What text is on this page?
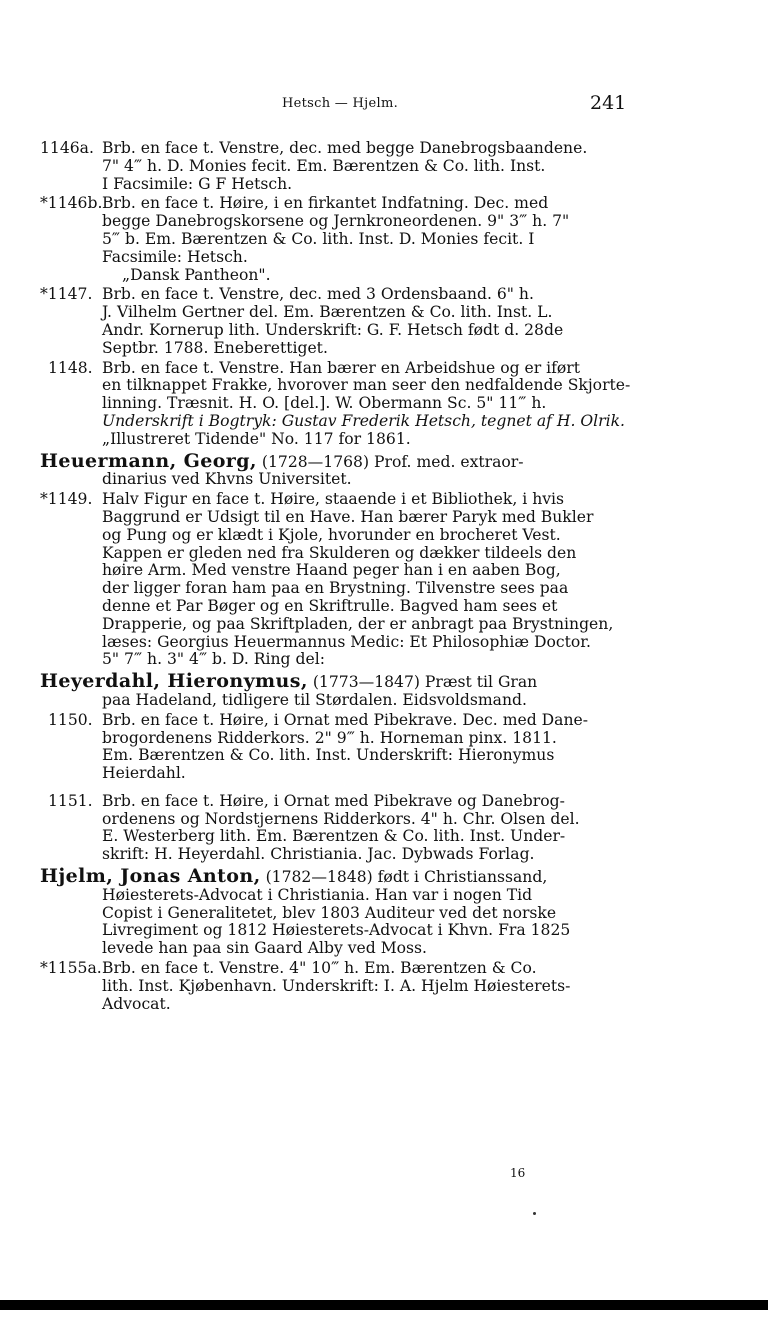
Hetsch — Hjelm.	241
1146a. Brb. en face t. Venstre, dec. med begge Danebrogsbaandene.
7" 4‴ h. D. Monies fecit. Em. Bærentzen & Co. lith. Inst.
I Facsimile: G F Hetsch.
*1146b. Brb. en face t. Høire, i en firkantet Indfatning. Dec. med
begge Danebrogskorsene og Jernkroneordenen. 9" 3‴ h. 7"
5‴ b. Em. Bærentzen & Co. lith. Inst. D. Monies fecit. I
Facsimile: Hetsch.
„Dansk Pantheon".
*1147. Brb. en face t. Venstre, dec. med 3 Ordensbaand. 6" h.
J. Vilhelm Gertner del. Em. Bærentzen & Co. lith. Inst. L.
Andr. Kornerup lith. Underskrift: G. F. Hetsch født d. 28de
Septbr. 1788. Eneberettiget.
1148. Brb. en face t. Venstre. Han bærer en Arbeidshue og er iført
en tilknappet Frakke, hvorover man seer den nedfaldende Skjorte-
linning. Træsnit. H. O. [del.]. W. Obermann Sc. 5" 11‴ h.
Underskrift i Bogtryk: Gustav Frederik Hetsch, tegnet af H. Olrik.
„Illustreret Tidende" No. 117 for 1861.
Heuermann, Georg, (1728—1768) Prof. med. extraor-
dinarius ved Khvns Universitet.
*1149. Halv Figur en face t. Høire, staaende i et Bibliothek, i hvis
Baggrund er Udsigt til en Have. Han bærer Paryk med Bukler
og Pung og er klædt i Kjole, hvorunder en brocheret Vest.
Kappen er gleden ned fra Skulderen og dækker tildeels den
høire Arm. Med venstre Haand peger han i en aaben Bog,
der ligger foran ham paa en Brystning. Tilvenstre sees paa
denne et Par Bøger og en Skriftrulle. Bagved ham sees et
Drapperie, og paa Skriftpladen, der er anbragt paa Brystningen,
læses: Georgius Heuermannus Medic: Et Philosophiæ Doctor.
5" 7‴ h. 3" 4‴ b. D. Ring del:
Heyerdahl, Hieronymus, (1773—1847) Præst til Gran
paa Hadeland, tidligere til Størdalen. Eidsvoldsmand.
1150. Brb. en face t. Høire, i Ornat med Pibekrave. Dec. med Dane-
brogordenens Ridderkors. 2" 9‴ h. Horneman pinx. 1811.
Em. Bærentzen & Co. lith. Inst. Underskrift: Hieronymus
Heierdahl.
1151. Brb. en face t. Høire, i Ornat med Pibekrave og Danebrog-
ordenens og Nordstjernens Ridderkors. 4" h. Chr. Olsen del.
E. Westerberg lith. Em. Bærentzen & Co. lith. Inst. Under-
skrift: H. Heyerdahl. Christiania. Jac. Dybwads Forlag.
Hjelm, Jonas Anton, (1782—1848) født i Christianssand,
Høiesterets-Advocat i Christiania. Han var i nogen Tid
Copist i Generalitetet, blev 1803 Auditeur ved det norske
Livregiment og 1812 Høiesterets-Advocat i Khvn. Fra 1825
levede han paa sin Gaard Alby ved Moss.
*1155a. Brb. en face t. Venstre. 4" 10‴ h. Em. Bærentzen & Co.
lith. Inst. Kjøbenhavn. Underskrift: I. A. Hjelm Høiesterets-
Advocat.
16
